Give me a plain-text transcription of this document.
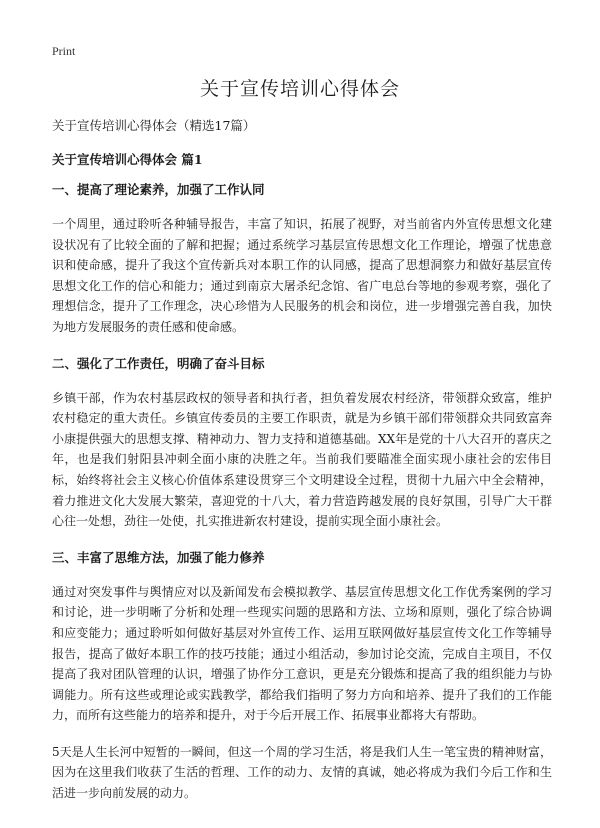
Print
关于宣传培训心得体会

关于宣传培训心得体会（精选17篇）

关于宣传培训心得体会 篇1

一、提高了理论素养，加强了工作认同

一个周里，通过聆听各种辅导报告，丰富了知识，拓展了视野，对当前省内外宣传思想文化建设状况有了比较全面的了解和把握；通过系统学习基层宣传思想文化工作理论，增强了忧患意识和使命感，提升了我这个宣传新兵对本职工作的认同感，提高了思想洞察力和做好基层宣传思想文化工作的信心和能力；通过到南京大屠杀纪念馆、省广电总台等地的参观考察，强化了理想信念，提升了工作理念，决心珍惜为人民服务的机会和岗位，进一步增强完善自我，加快为地方发展服务的责任感和使命感。

二、强化了工作责任，明确了奋斗目标

乡镇干部，作为农村基层政权的领导者和执行者，担负着发展农村经济，带领群众致富，维护农村稳定的重大责任。乡镇宣传委员的主要工作职责，就是为乡镇干部们带领群众共同致富奔小康提供强大的思想支撑、精神动力、智力支持和道德基础。XX年是党的十八大召开的喜庆之年，也是我们射阳县冲刺全面小康的决胜之年。当前我们要瞄准全面实现小康社会的宏伟目标，始终将社会主义核心价值体系建设贯穿三个文明建设全过程，贯彻十九届六中全会精神，着力推进文化大发展大繁荣，喜迎党的十八大，着力营造跨越发展的良好氛围，引导广大干群心往一处想，劲往一处使，扎实推进新农村建设，提前实现全面小康社会。

三、丰富了思维方法，加强了能力修养

通过对突发事件与舆情应对以及新闻发布会模拟教学、基层宣传思想文化工作优秀案例的学习和讨论，进一步明晰了分析和处理一些现实问题的思路和方法、立场和原则，强化了综合协调和应变能力；通过聆听如何做好基层对外宣传工作、运用互联网做好基层宣传文化工作等辅导报告，提高了做好本职工作的技巧技能；通过小组活动，参加讨论交流，完成自主项目，不仅提高了我对团队管理的认识，增强了协作分工意识，更是充分锻炼和提高了我的组织能力与协调能力。所有这些或理论或实践教学，都给我们指明了努力方向和培养、提升了我们的工作能力，而所有这些能力的培养和提升，对于今后开展工作、拓展事业都将大有帮助。

5天是人生长河中短暂的一瞬间，但这一个周的学习生活，将是我们人生一笔宝贵的精神财富，因为在这里我们收获了生活的哲理、工作的动力、友情的真诚，她必将成为我们今后工作和生活进一步向前发展的动力。
